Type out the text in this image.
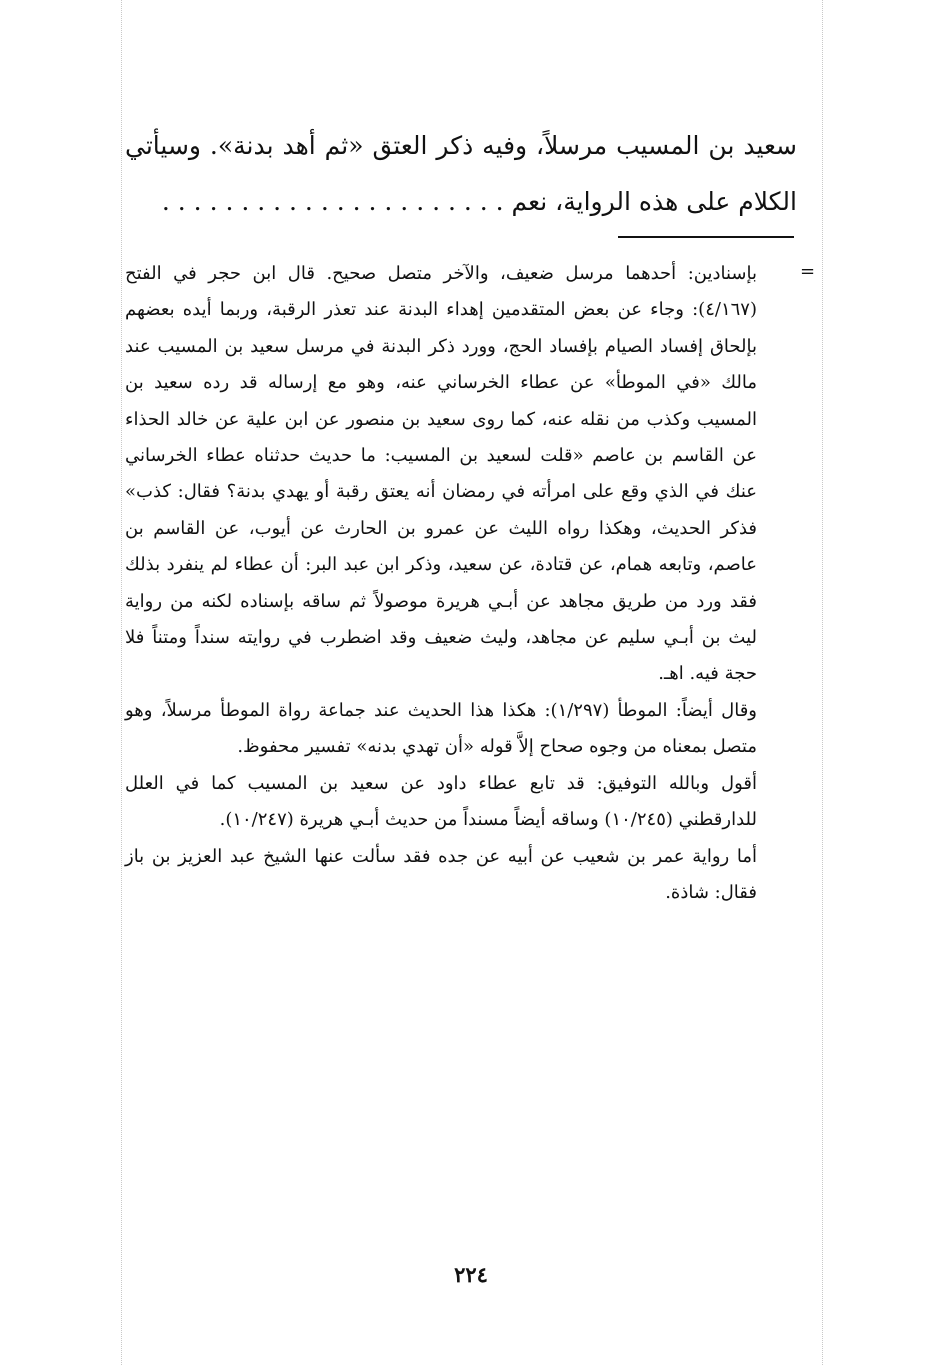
سعيد بن المسيب مرسلاً، وفيه ذكر العتق «ثم أهد بدنة». وسيأتي الكلام على هذه الرواية، نعم . . . . . . . . . . . . . . . . . . . . . .

=

بإسنادين: أحدهما مرسل ضعيف، والآخر متصل صحيح. قال ابن حجر في الفتح (٤/١٦٧): وجاء عن بعض المتقدمين إهداء البدنة عند تعذر الرقبة، وربما أيده بعضهم بإلحاق إفساد الصيام بإفساد الحج، وورد ذكر البدنة في مرسل سعيد بن المسيب عند مالك «في الموطأ» عن عطاء الخرساني عنه، وهو مع إرساله قد رده سعيد بن المسيب وكذب من نقله عنه، كما روى سعيد بن منصور عن ابن علية عن خالد الحذاء عن القاسم بن عاصم «قلت لسعيد بن المسيب: ما حديث حدثناه عطاء الخرساني عنك في الذي وقع على امرأته في رمضان أنه يعتق رقبة أو يهدي بدنة؟ فقال: كذب» فذكر الحديث، وهكذا رواه الليث عن عمرو بن الحارث عن أيوب، عن القاسم بن عاصم، وتابعه همام، عن قتادة، عن سعيد، وذكر ابن عبد البر: أن عطاء لم ينفرد بذلك فقد ورد من طريق مجاهد عن أبـي هريرة موصولاً ثم ساقه بإسناده لكنه من رواية ليث بن أبـي سليم عن مجاهد، وليث ضعيف وقد اضطرب في روايته سنداً ومتناً فلا حجة فيه. اهـ.

وقال أيضاً: الموطأ (١/٢٩٧): هكذا هذا الحديث عند جماعة رواة الموطأ مرسلاً، وهو متصل بمعناه من وجوه صحاح إلاَّ قوله «أن تهدي بدنه» تفسير محفوظ.

أقول وبالله التوفيق: قد تابع عطاء داود عن سعيد بن المسيب كما في العلل للدارقطني (١٠/٢٤٥) وساقه أيضاً مسنداً من حديث أبـي هريرة (١٠/٢٤٧).

أما رواية عمر بن شعيب عن أبيه عن جده فقد سألت عنها الشيخ عبد العزيز بن باز فقال: شاذة.

٢٢٤
